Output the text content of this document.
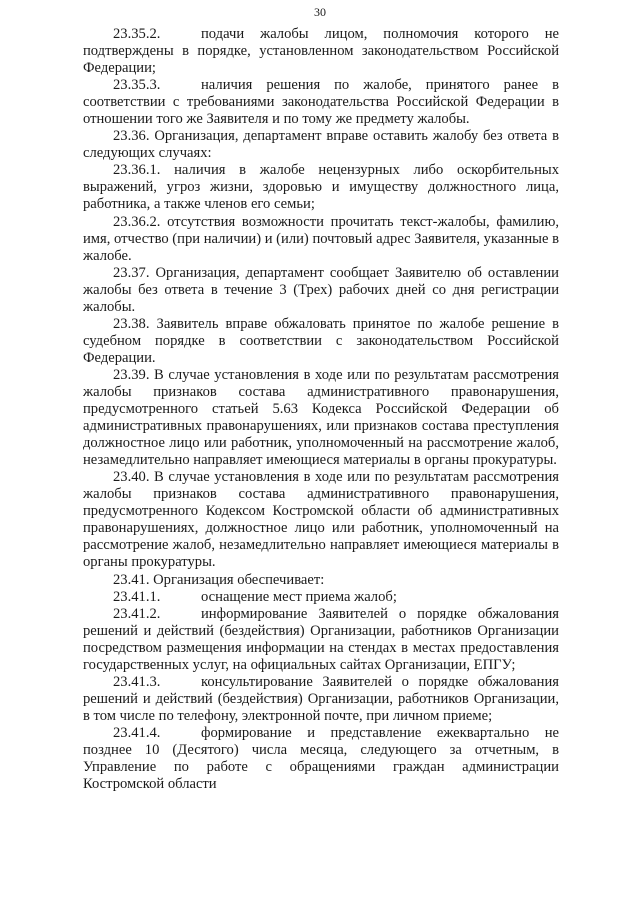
30

23.35.2.	подачи жалобы лицом, полномочия которого не подтверждены в порядке, установленном законодательством Российской Федерации;

23.35.3.	наличия решения по жалобе, принятого ранее в соответствии с требованиями законодательства Российской Федерации в отношении того же Заявителя и по тому же предмету жалобы.

23.36. Организация, департамент вправе оставить жалобу без ответа в следующих случаях:

23.36.1. наличия в жалобе нецензурных либо оскорбительных выражений, угроз жизни, здоровью и имуществу должностного лица, работника, а также членов его семьи;

23.36.2. отсутствия возможности прочитать текст-жалобы, фамилию, имя, отчество (при наличии) и (или) почтовый адрес Заявителя, указанные в жалобе.

23.37. Организация, департамент сообщает Заявителю об оставлении жалобы без ответа в течение 3 (Трех) рабочих дней со дня регистрации жалобы.

23.38. Заявитель вправе обжаловать принятое по жалобе решение в судебном порядке в соответствии с законодательством Российской Федерации.

23.39. В случае установления в ходе или по результатам рассмотрения жалобы признаков состава административного правонарушения, предусмотренного статьей 5.63 Кодекса Российской Федерации об административных правонарушениях, или признаков состава преступления должностное лицо или работник, уполномоченный на рассмотрение жалоб, незамедлительно направляет имеющиеся материалы в органы прокуратуры.

23.40. В случае установления в ходе или по результатам рассмотрения жалобы признаков состава административного правонарушения, предусмотренного Кодексом Костромской области об административных правонарушениях, должностное лицо или работник, уполномоченный на рассмотрение жалоб, незамедлительно направляет имеющиеся материалы в органы прокуратуры.

23.41. Организация обеспечивает:

23.41.1.	оснащение мест приема жалоб;

23.41.2.	информирование Заявителей о порядке обжалования решений и действий (бездействия) Организации, работников Организации посредством размещения информации на стендах в местах предоставления государственных услуг, на официальных сайтах Организации, ЕПГУ;

23.41.3.	консультирование Заявителей о порядке обжалования решений и действий (бездействия) Организации, работников Организации, в том числе по телефону, электронной почте, при личном приеме;

23.41.4.	формирование и представление ежеквартально не позднее 10 (Десятого) числа месяца, следующего за отчетным, в Управление по работе с обращениями граждан администрации Костромской области
